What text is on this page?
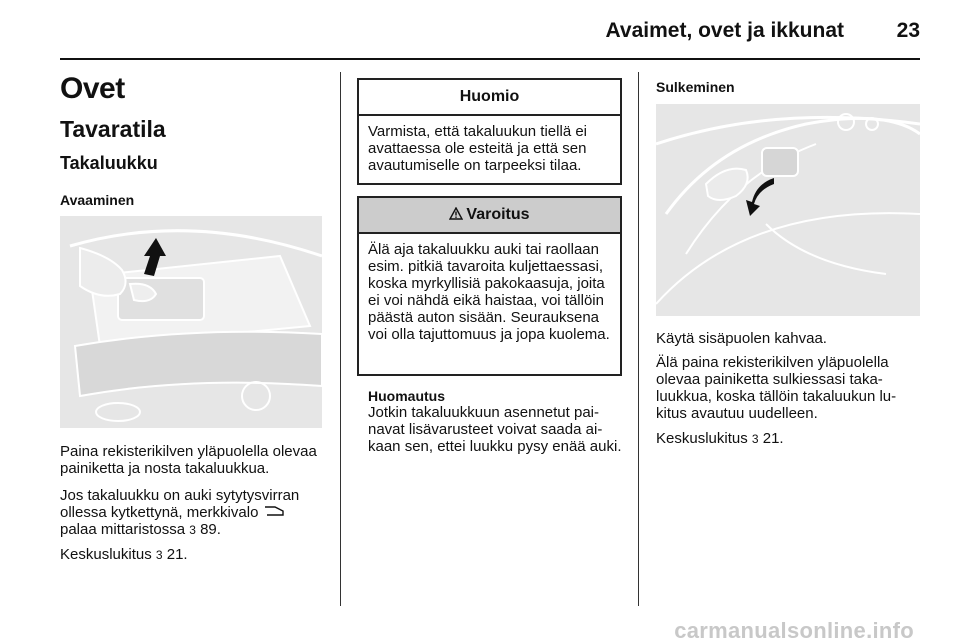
Avaimet, ovet ja ikkunat	23
Ovet
Tavaratila
Takaluukku
Avaaminen

Paina rekisterikilven yläpuolella olevaa painiketta ja nosta takaluukkua.

Jos takaluukku on auki sytytysvirran ollessa kytkettynä, merkkivalo
palaa mittaristossa 3 89.

Keskuslukitus 3 21.

Huomio
Varmista, että takaluukun tiellä ei avattaessa ole esteitä ja että sen avautumiselle on tarpeeksi tilaa.
Varoitus
Älä aja takaluukku auki tai raollaan esim. pitkiä tavaroita kuljettaessasi, koska myrkyllisiä pakokaasuja, joita ei voi nähdä eikä haistaa, voi tällöin päästä auton sisään. Seurauksena voi olla tajuttomuus ja jopa kuolema.
Huomautus

Jotkin takaluukkuun asennetut painavat lisävarusteet voivat saada aikaan sen, ettei luukku pysy enää auki.

Sulkeminen

Käytä sisäpuolen kahvaa.

Älä paina rekisterikilven yläpuolella olevaa painiketta sulkiessasi takaluukkua, koska tällöin takaluukun lukitus avautuu uudelleen.

Keskuslukitus 3 21.

carmanualsonline.info
